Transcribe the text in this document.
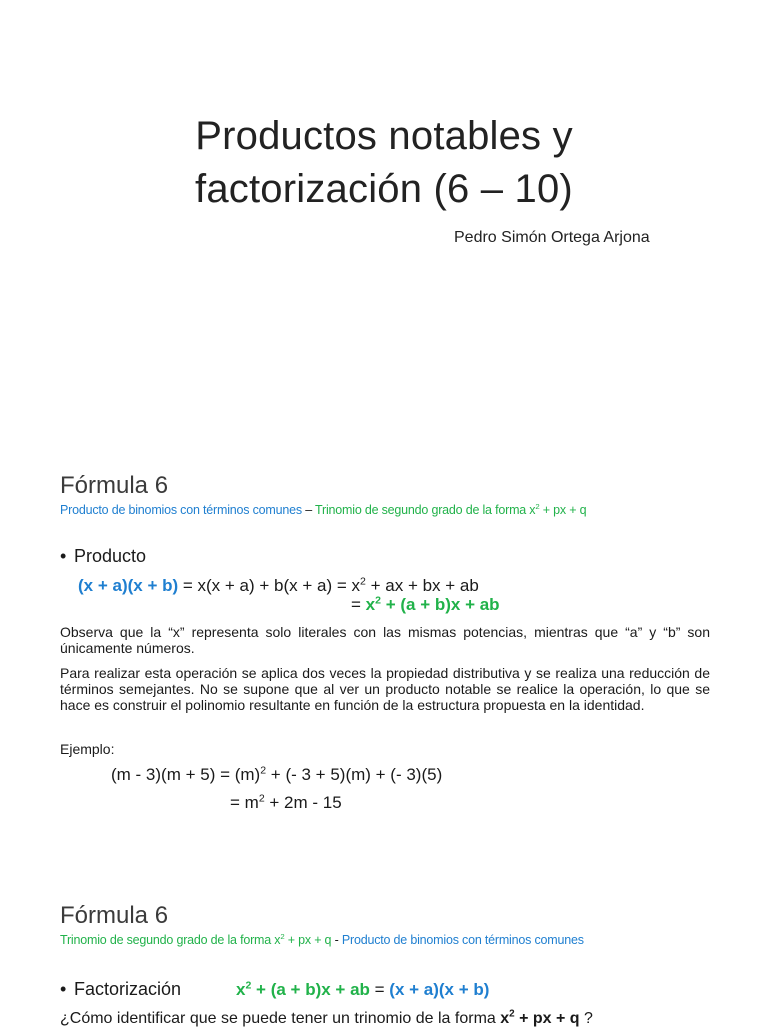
Productos notables y
factorización (6 – 10)
Pedro Simón Ortega Arjona
Fórmula 6
Producto de binomios con términos comunes – Trinomio de segundo grado de la forma $x^2$ + px + q
• Producto
$(x + a)(x + b) = x(x + a) + b(x + a) = x^2$ + ax + bx + ab
= $x^2 + (a + b)x$ + ab
Observa que la “x” representa solo literales con las mismas potencias, mientras que “a” y “b” son únicamente números.
Para realizar esta operación se aplica dos veces la propiedad distributiva y se realiza una reducción de términos semejantes. No se supone que al ver un producto notable se realice la operación, lo que se hace es construir el polinomio resultante en función de la estructura propuesta en la identidad.
Ejemplo:
$(m - 3)(m + 5) = (m)^2$ + (- 3 + 5)(m) + (- 3)(5)
= $m^2 + 2m - 15$
Fórmula 6
Trinomio de segundo grado de la forma $x^2$ + px + q - Producto de binomios con términos comunes
• Factorización	$x^2 + (a + b)x$ + ab = (x + a)(x + b)
¿Cómo identificar que se puede tener un trinomio de la forma $x^2$ + px + q ?
